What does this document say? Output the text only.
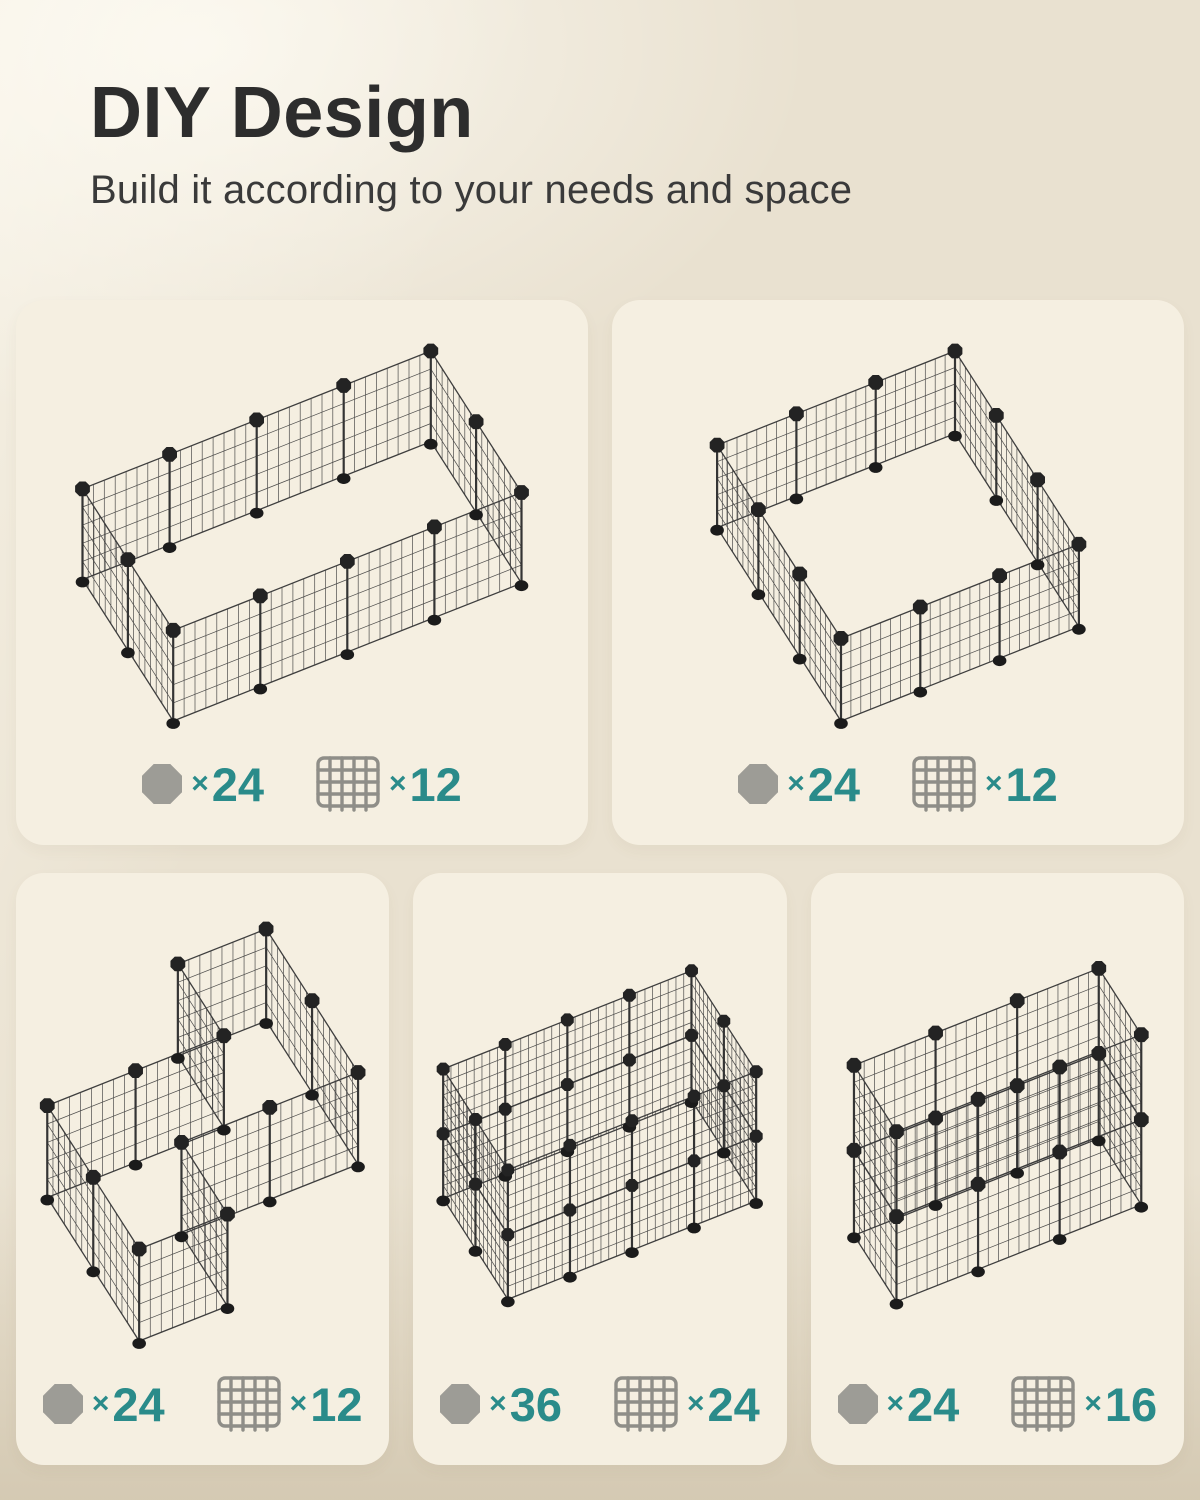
DIY Design

Build it according to your needs and space

× 24	× 12	× 24	× 12
× 24	× 12	× 36	× 24	× 24	× 16
